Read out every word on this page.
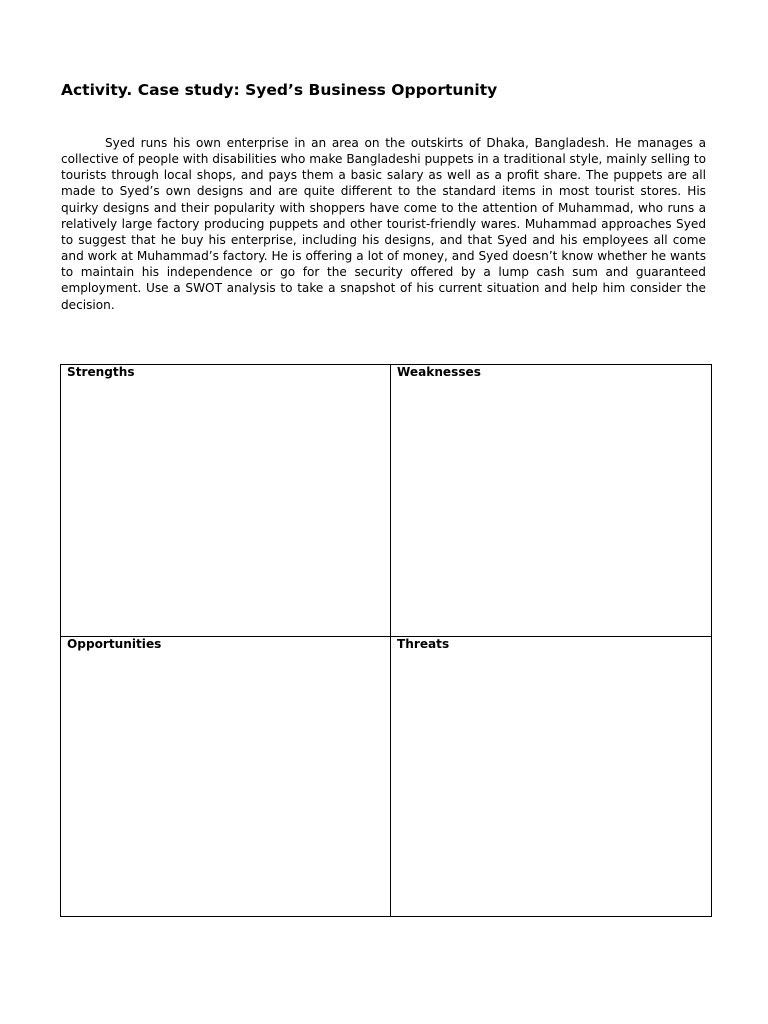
Activity. Case study: Syed’s Business Opportunity

Syed runs his own enterprise in an area on the outskirts of Dhaka, Bangladesh. He manages a collective of people with disabilities who make Bangladeshi puppets in a traditional style, mainly selling to tourists through local shops, and pays them a basic salary as well as a profit share. The puppets are all made to Syed’s own designs and are quite different to the standard items in most tourist stores. His quirky designs and their popularity with shoppers have come to the attention of Muhammad, who runs a relatively large factory producing puppets and other tourist-friendly wares. Muhammad approaches Syed to suggest that he buy his enterprise, including his designs, and that Syed and his employees all come and work at Muhammad’s factory. He is offering a lot of money, and Syed doesn’t know whether he wants to maintain his independence or go for the security offered by a lump cash sum and guaranteed employment. Use a SWOT analysis to take a snapshot of his current situation and help him consider the decision.

Strengths	Weaknesses

Opportunities	Threats
